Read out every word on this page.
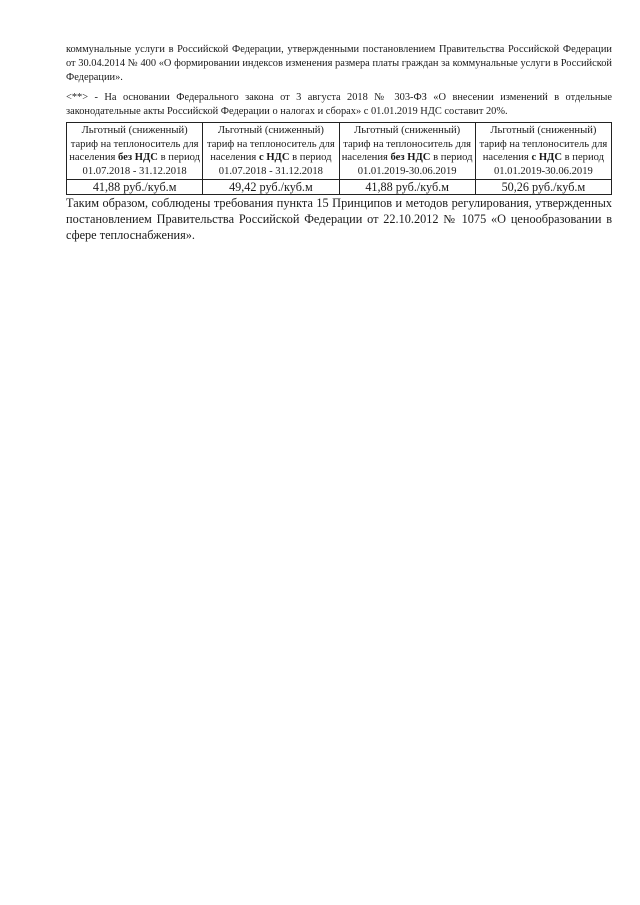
коммунальные услуги в Российской Федерации, утвержденными постановлением Правительства Российской Федерации от 30.04.2014 № 400 «О формировании индексов изменения размера платы граждан за коммунальные услуги в Российской Федерации».

<**> - На основании Федерального закона от 3 августа 2018 № 303-ФЗ «О внесении изменений в отдельные законодательные акты Российской Федерации о налогах и сборах» с 01.01.2019 НДС составит 20%.

Льготный (сниженный) тариф на теплоноситель для населения без НДС в период 01.07.2018 - 31.12.2018	Льготный (сниженный) тариф на теплоноситель для населения с НДС в период 01.07.2018 - 31.12.2018	Льготный (сниженный) тариф на теплоноситель для населения без НДС в период 01.01.2019-30.06.2019	Льготный (сниженный) тариф на теплоноситель для населения с НДС в период 01.01.2019-30.06.2019
41,88 руб./куб.м	49,42 руб./куб.м	41,88 руб./куб.м	50,26 руб./куб.м

Таким образом, соблюдены требования пункта 15 Принципов и методов регулирования, утвержденных постановлением Правительства Российской Федерации от 22.10.2012 № 1075 «О ценообразовании в сфере теплоснабжения».
